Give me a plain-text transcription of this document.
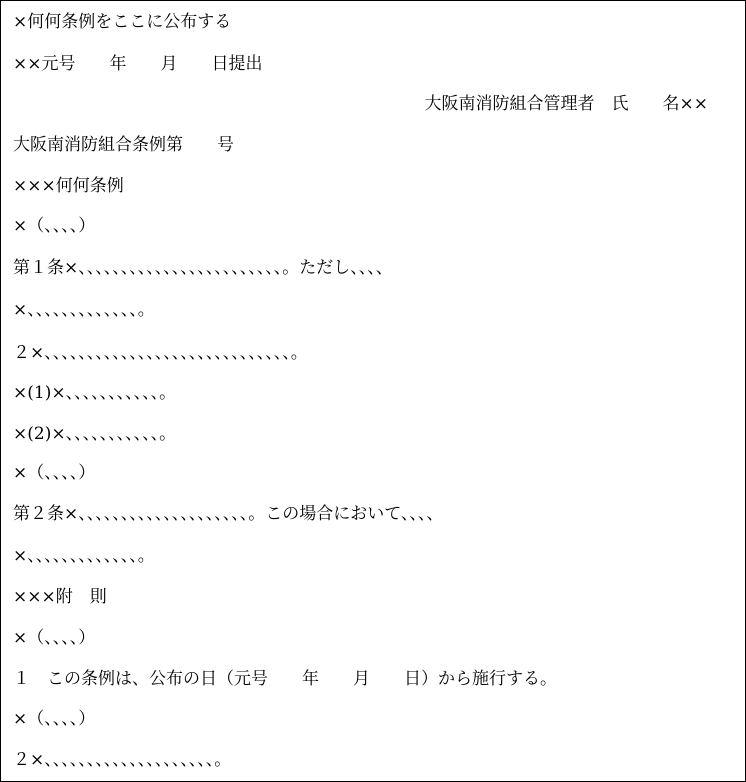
×何何条例をここに公布する
××元号　　年　　月　　日提出
大阪南消防組合管理者　氏　　名××
大阪南消防組合条例第　　号
×××何何条例
×（、、、、）
第１条×、、、、、、、、、、、、、、、、、、、、、、、、。ただし、、、、
×、、、、、、、、、、、、、。
２×、、、、、、、、、、、、、、、、、、、、、、、、、、、、、。
×(1)×、、、、、、、、、、、。
×(2)×、、、、、、、、、、、。
×（、、、、）
第２条×、、、、、、、、、、、、、、、、、、、、。この場合において、、、、
×、、、、、、、、、、、、、。
×××附　則
×（、、、、）
１　この条例は、公布の日（元号　　年　　月　　日）から施行する。
×（、、、、）
２×、、、、、、、、、、、、、、、、、、、、。
